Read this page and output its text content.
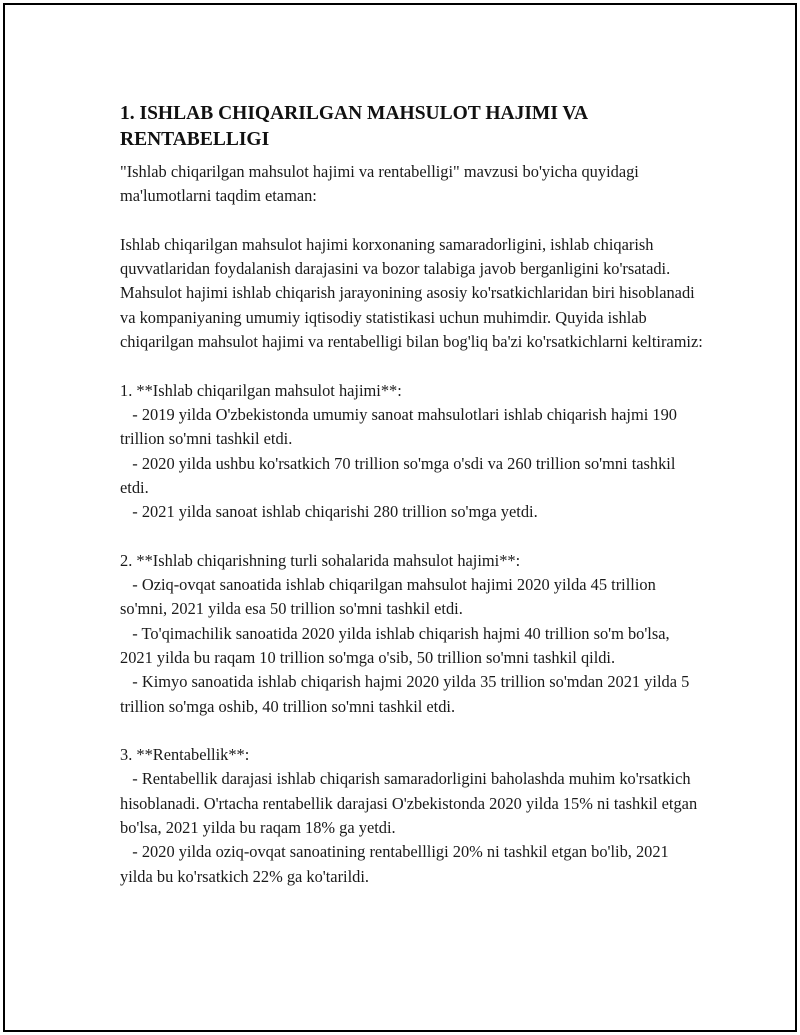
1. ISHLAB CHIQARILGAN MAHSULOT HAJIMI VA RENTABELLIGI

"Ishlab chiqarilgan mahsulot hajimi va rentabelligi" mavzusi bo'yicha quyidagi ma'lumotlarni taqdim etaman:

Ishlab chiqarilgan mahsulot hajimi korxonaning samaradorligini, ishlab chiqarish quvvatlaridan foydalanish darajasini va bozor talabiga javob berganligini ko'rsatadi. Mahsulot hajimi ishlab chiqarish jarayonining asosiy ko'rsatkichlaridan biri hisoblanadi va kompaniyaning umumiy iqtisodiy statistikasi uchun muhimdir. Quyida ishlab chiqarilgan mahsulot hajimi va rentabelligi bilan bog'liq ba'zi ko'rsatkichlarni keltiramiz:

1. **Ishlab chiqarilgan mahsulot hajimi**:

- 2019 yilda O'zbekistonda umumiy sanoat mahsulotlari ishlab chiqarish hajmi 190 trillion so'mni tashkil etdi.

- 2020 yilda ushbu ko'rsatkich 70 trillion so'mga o'sdi va 260 trillion so'mni tashkil etdi.

- 2021 yilda sanoat ishlab chiqarishi 280 trillion so'mga yetdi.

2. **Ishlab chiqarishning turli sohalarida mahsulot hajimi**:

- Oziq-ovqat sanoatida ishlab chiqarilgan mahsulot hajimi 2020 yilda 45 trillion so'mni, 2021 yilda esa 50 trillion so'mni tashkil etdi.

- To'qimachilik sanoatida 2020 yilda ishlab chiqarish hajmi 40 trillion so'm bo'lsa, 2021 yilda bu raqam 10 trillion so'mga o'sib, 50 trillion so'mni tashkil qildi.

- Kimyo sanoatida ishlab chiqarish hajmi 2020 yilda 35 trillion so'mdan 2021 yilda 5 trillion so'mga oshib, 40 trillion so'mni tashkil etdi.

3. **Rentabellik**:

- Rentabellik darajasi ishlab chiqarish samaradorligini baholashda muhim ko'rsatkich hisoblanadi. O'rtacha rentabellik darajasi O'zbekistonda 2020 yilda 15% ni tashkil etgan bo'lsa, 2021 yilda bu raqam 18% ga yetdi.

- 2020 yilda oziq-ovqat sanoatining rentabellligi 20% ni tashkil etgan bo'lib, 2021 yilda bu ko'rsatkich 22% ga ko'tarildi.
